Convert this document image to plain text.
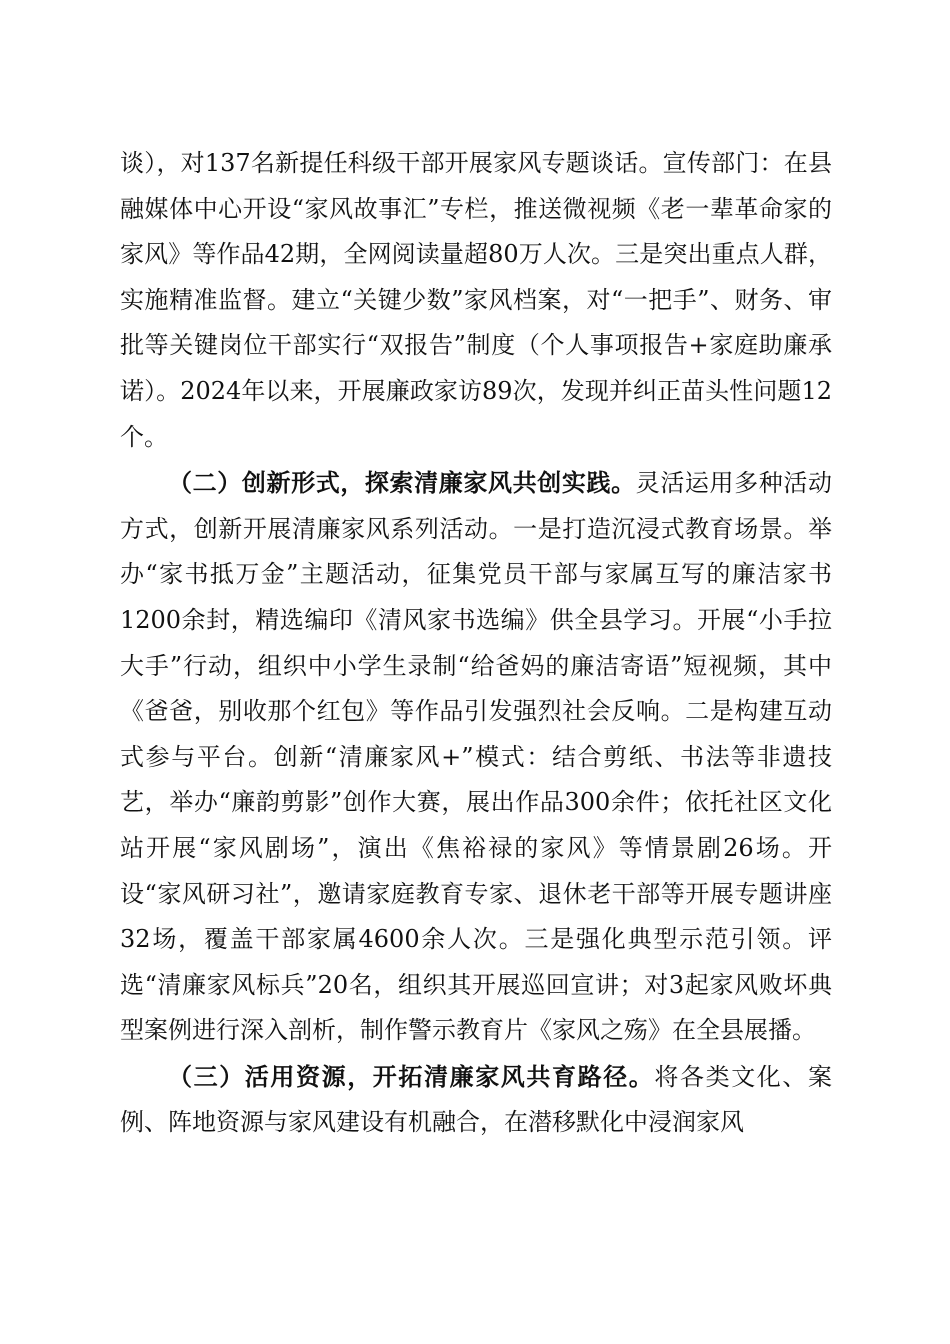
谈），对137名新提任科级干部开展家风专题谈话。宣传部门：在县融媒体中心开设“家风故事汇”专栏，推送微视频《老一辈革命家的家风》等作品42期，全网阅读量超80万人次。三是突出重点人群，实施精准监督。建立“关键少数”家风档案，对“一把手”、财务、审批等关键岗位干部实行“双报告”制度（个人事项报告+家庭助廉承诺）。2024年以来，开展廉政家访89次，发现并纠正苗头性问题12个。

（二）创新形式，探索清廉家风共创实践。灵活运用多种活动方式，创新开展清廉家风系列活动。一是打造沉浸式教育场景。举办“家书抵万金”主题活动，征集党员干部与家属互写的廉洁家书1200余封，精选编印《清风家书选编》供全县学习。开展“小手拉大手”行动，组织中小学生录制“给爸妈的廉洁寄语”短视频，其中《爸爸，别收那个红包》等作品引发强烈社会反响。二是构建互动式参与平台。创新“清廉家风+”模式：结合剪纸、书法等非遗技艺，举办“廉韵剪影”创作大赛，展出作品300余件；依托社区文化站开展“家风剧场”，演出《焦裕禄的家风》等情景剧26场。开设“家风研习社”，邀请家庭教育专家、退休老干部等开展专题讲座32场，覆盖干部家属4600余人次。三是强化典型示范引领。评选“清廉家风标兵”20名，组织其开展巡回宣讲；对3起家风败坏典型案例进行深入剖析，制作警示教育片《家风之殇》在全县展播。

（三）活用资源，开拓清廉家风共育路径。将各类文化、案例、阵地资源与家风建设有机融合，在潜移默化中浸润家风
